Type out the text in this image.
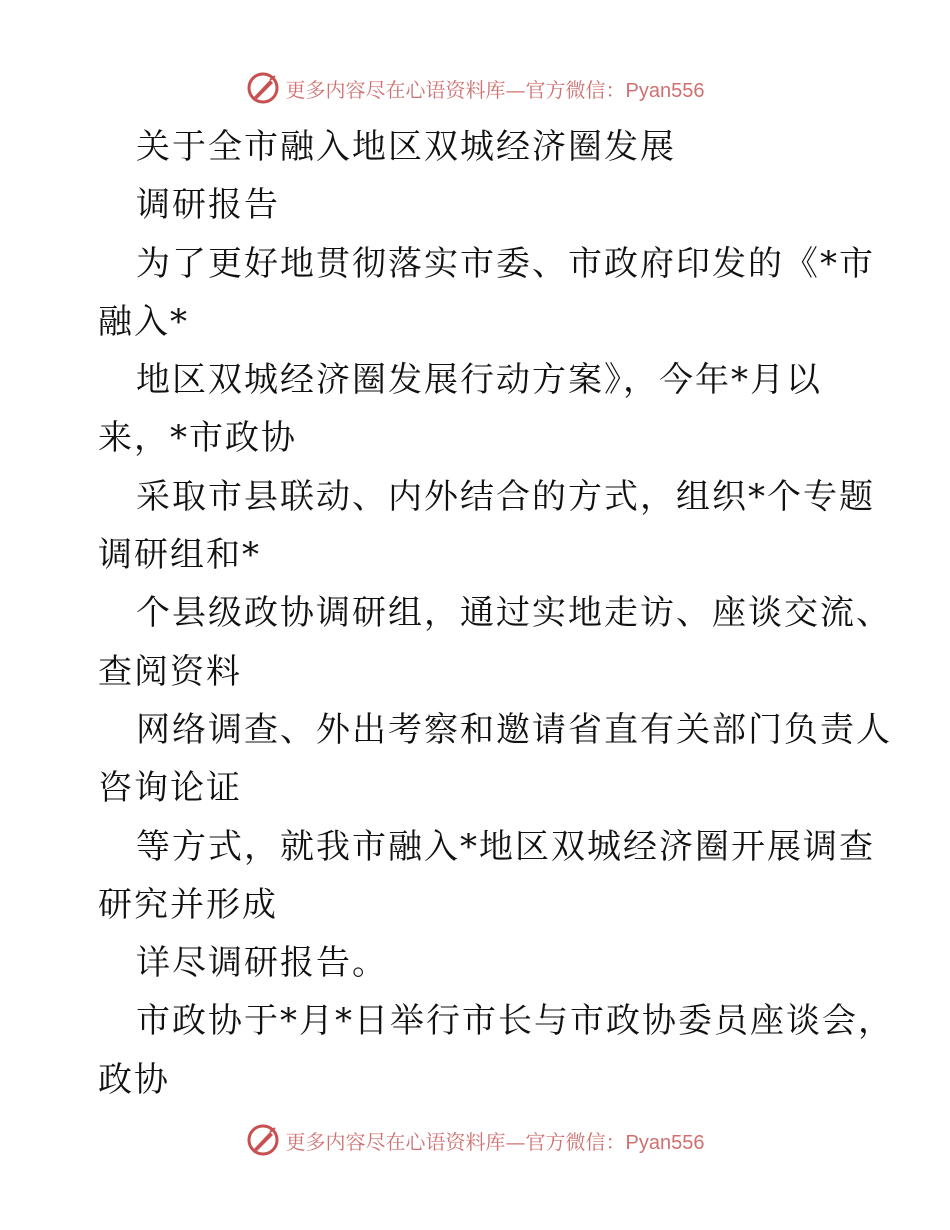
更多内容尽在心语资料库—官方微信：Pyan556
关于全市融入地区双城经济圈发展
调研报告
为了更好地贯彻落实市委、市政府印发的《*市
融入*
地区双城经济圈发展行动方案》，今年*月以
来，*市政协
采取市县联动、内外结合的方式，组织*个专题
调研组和*
个县级政协调研组，通过实地走访、座谈交流、
查阅资料
网络调查、外出考察和邀请省直有关部门负责人
咨询论证
等方式，就我市融入*地区双城经济圈开展调查
研究并形成
详尽调研报告。
市政协于*月*日举行市长与市政协委员座谈会，
政协
更多内容尽在心语资料库—官方微信：Pyan556
